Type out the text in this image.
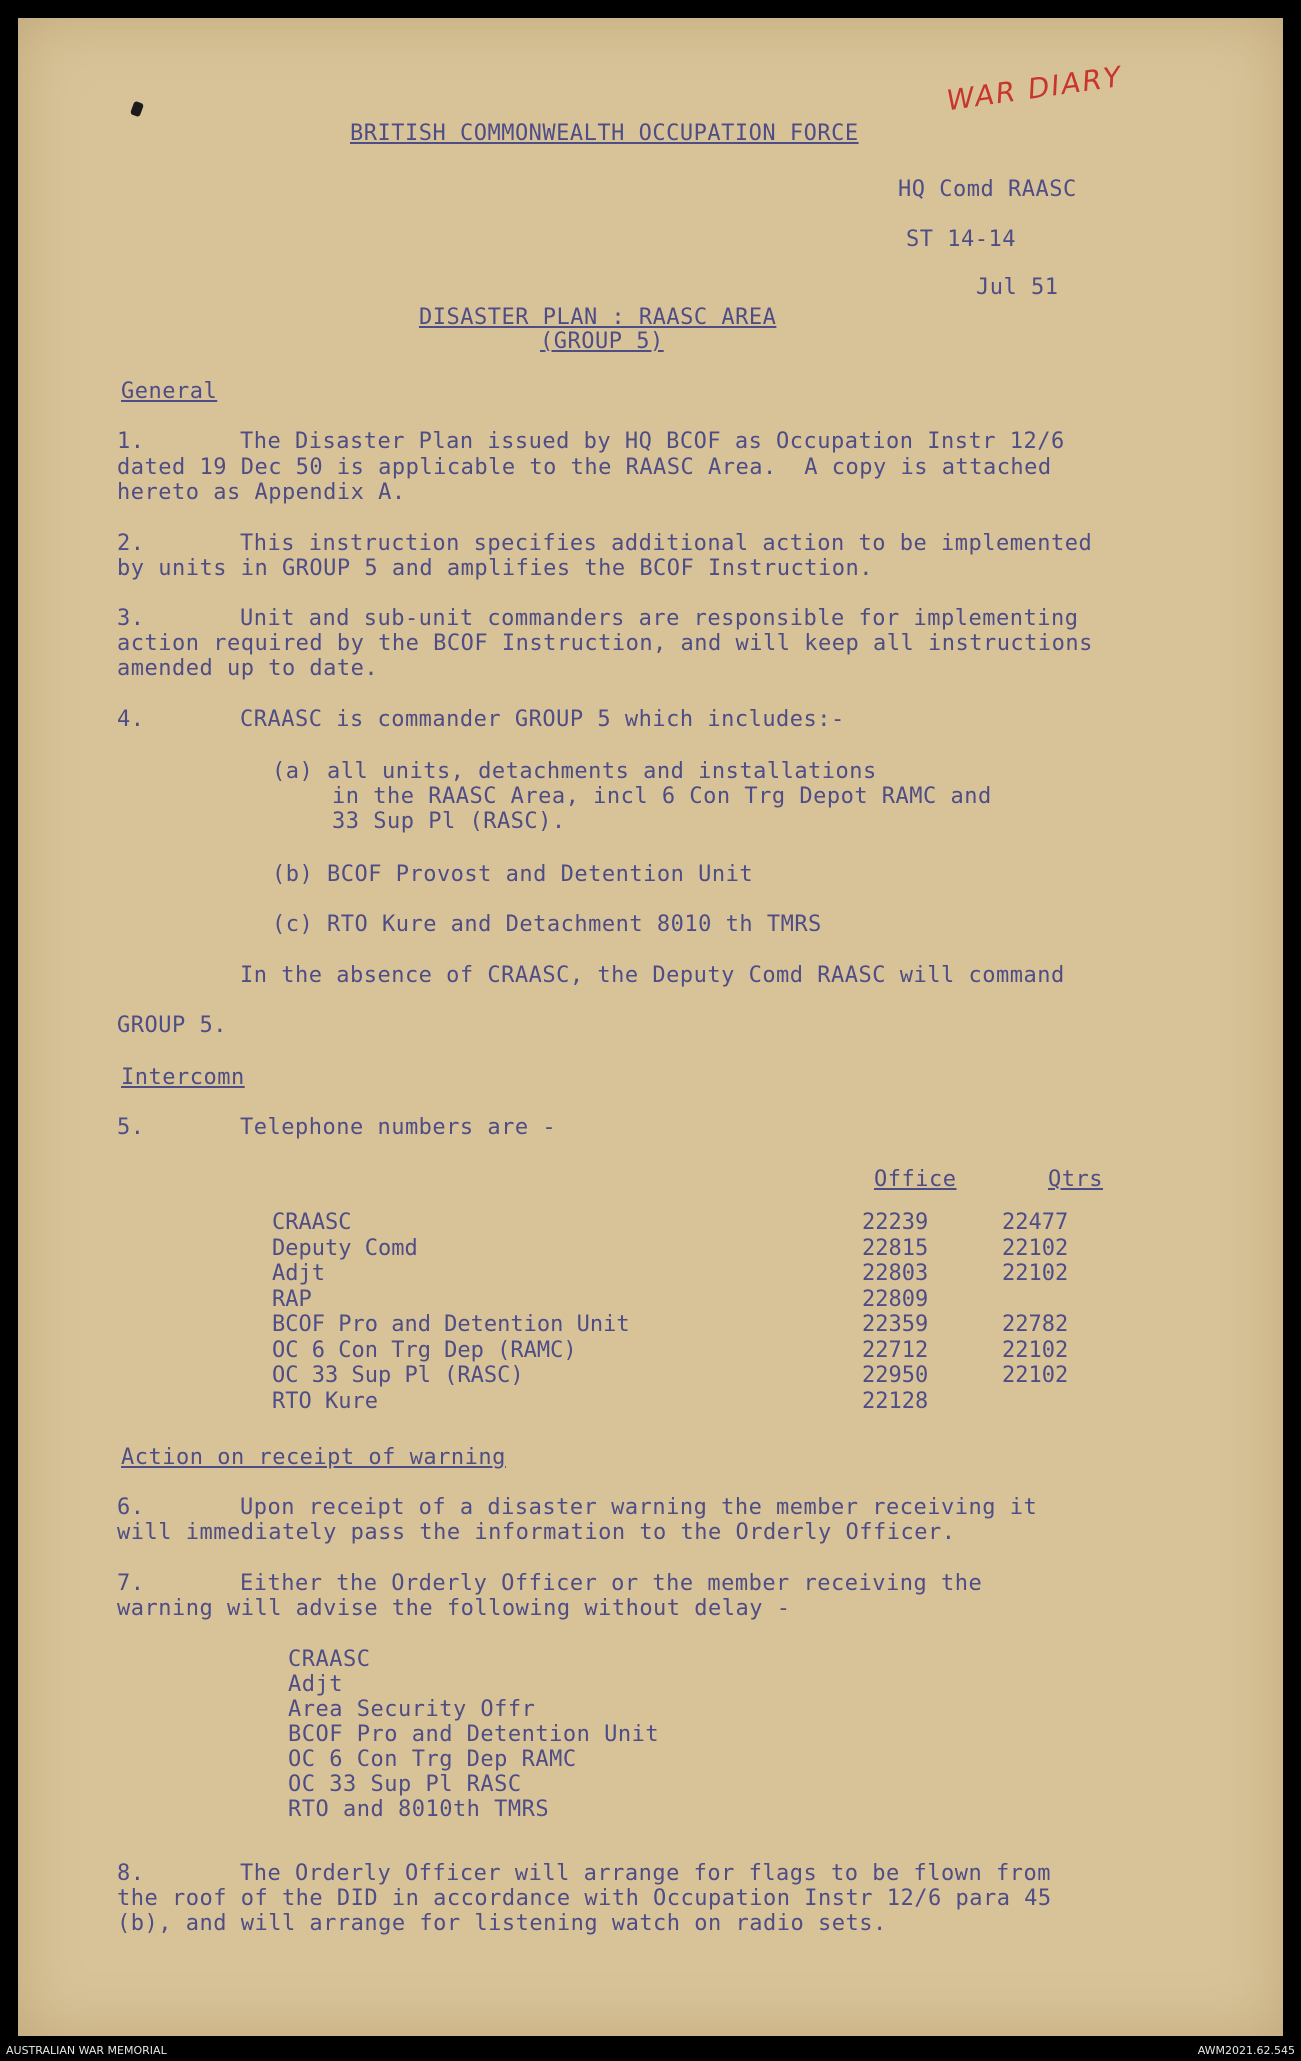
WAR DIARY
BRITISH COMMONWEALTH OCCUPATION FORCE
HQ Comd RAASC
ST 14-14
Jul 51
DISASTER PLAN : RAASC AREA
(GROUP 5)
General
1.	The Disaster Plan issued by HQ BCOF as Occupation Instr 12/6
dated 19 Dec 50 is applicable to the RAASC Area.  A copy is attached
hereto as Appendix A.
2.	This instruction specifies additional action to be implemented
by units in GROUP 5 and amplifies the BCOF Instruction.
3.	Unit and sub-unit commanders are responsible for implementing
action required by the BCOF Instruction, and will keep all instructions
amended up to date.
4.	CRAASC is commander GROUP 5 which includes:-
(a) all units, detachments and installations
in the RAASC Area, incl 6 Con Trg Depot RAMC and
33 Sup Pl (RASC).
(b) BCOF Provost and Detention Unit
(c) RTO Kure and Detachment 8010 th TMRS
In the absence of CRAASC, the Deputy Comd RAASC will command
GROUP 5.
Intercomn
5.	Telephone numbers are -
Office	Qtrs
CRAASC	22239	22477
Deputy Comd	22815	22102
Adjt	22803	22102
RAP	22809	
BCOF Pro and Detention Unit	22359	22782
OC 6 Con Trg Dep (RAMC)	22712	22102
OC 33 Sup Pl (RASC)	22950	22102
RTO Kure	22128	
Action on receipt of warning
6.	Upon receipt of a disaster warning the member receiving it
will immediately pass the information to the Orderly Officer.
7.	Either the Orderly Officer or the member receiving the
warning will advise the following without delay -
CRAASC
Adjt
Area Security Offr
BCOF Pro and Detention Unit
OC 6 Con Trg Dep RAMC
OC 33 Sup Pl RASC
RTO and 8010th TMRS
8.	The Orderly Officer will arrange for flags to be flown from
the roof of the DID in accordance with Occupation Instr 12/6 para 45
(b), and will arrange for listening watch on radio sets.
AUSTRALIAN WAR MEMORIAL	AWM2021.62.545
